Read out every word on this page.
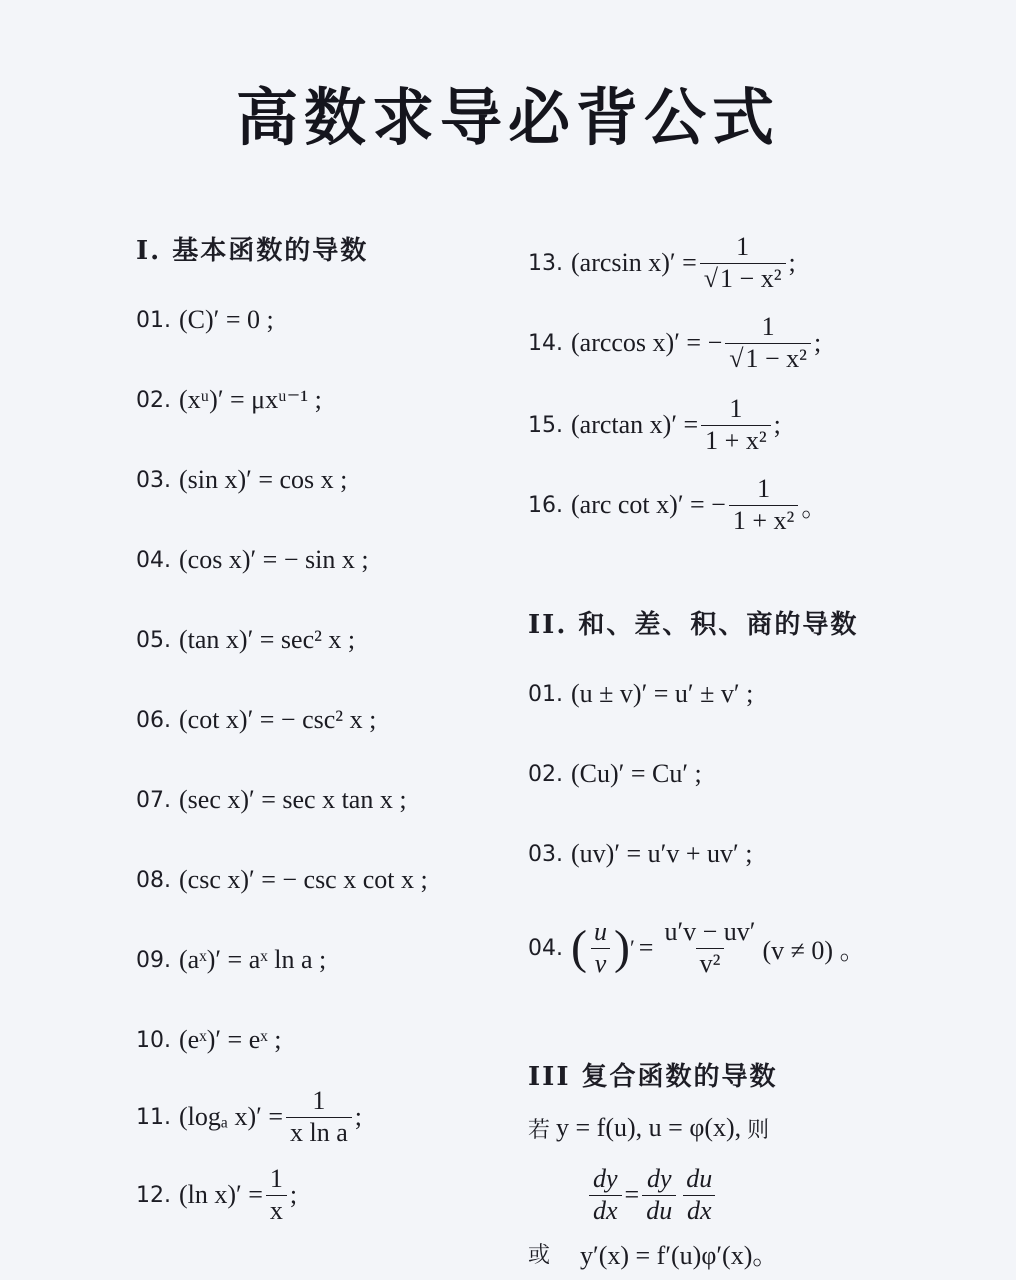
高数求导必背公式
I. 基本函数的导数
01. (C)′ = 0 ;
02. (xᵘ)′ = μxᵘ⁻¹ ;
03. (sin x)′ = cos x ;
04. (cos x)′ = − sin x ;
05. (tan x)′ = sec² x ;
06. (cot x)′ = − csc² x ;
07. (sec x)′ = sec x tan x ;
08. (csc x)′ = − csc x cot x ;
09. (aˣ)′ = aˣ ln a ;
10. (eˣ)′ = eˣ ;
11. (logₐ $x)' = \frac{1}{\text{x ln a}}$ ;
12. (ln $x)' = \frac{1}{x}$ ;
13. (arcsin $x)' = \frac{1}{\text{√1 − x²}}$ ;
14. (arccos x)′ = − $\frac{1}{\text{√1 − x²}}$ ;
15. (arctan $x)' = \frac{1}{\text{1 + x²}}$ ;
16. (arc cot x)′ = − $\frac{1}{\text{1 + x²}}$ 。
II. 和、差、积、商的导数
01. (u ± v)′ = u′ ± v′ ;
02. (Cu)′ = Cu′ ;
03. (uv)′ = u′v + uv′ ;
04. ( $\frac{u}{v}$ ) ′ = $\frac{u'v - uv'}{\text{v²}} (v \ne 0)$ 。
III 复合函数的导数
若 y = f(u), u = φ(x), 则
$\frac{dy}{dx} = \frac{dy}{du} \frac{du}{dx}$
或 y′(x) = f′(u)φ′(x)。
